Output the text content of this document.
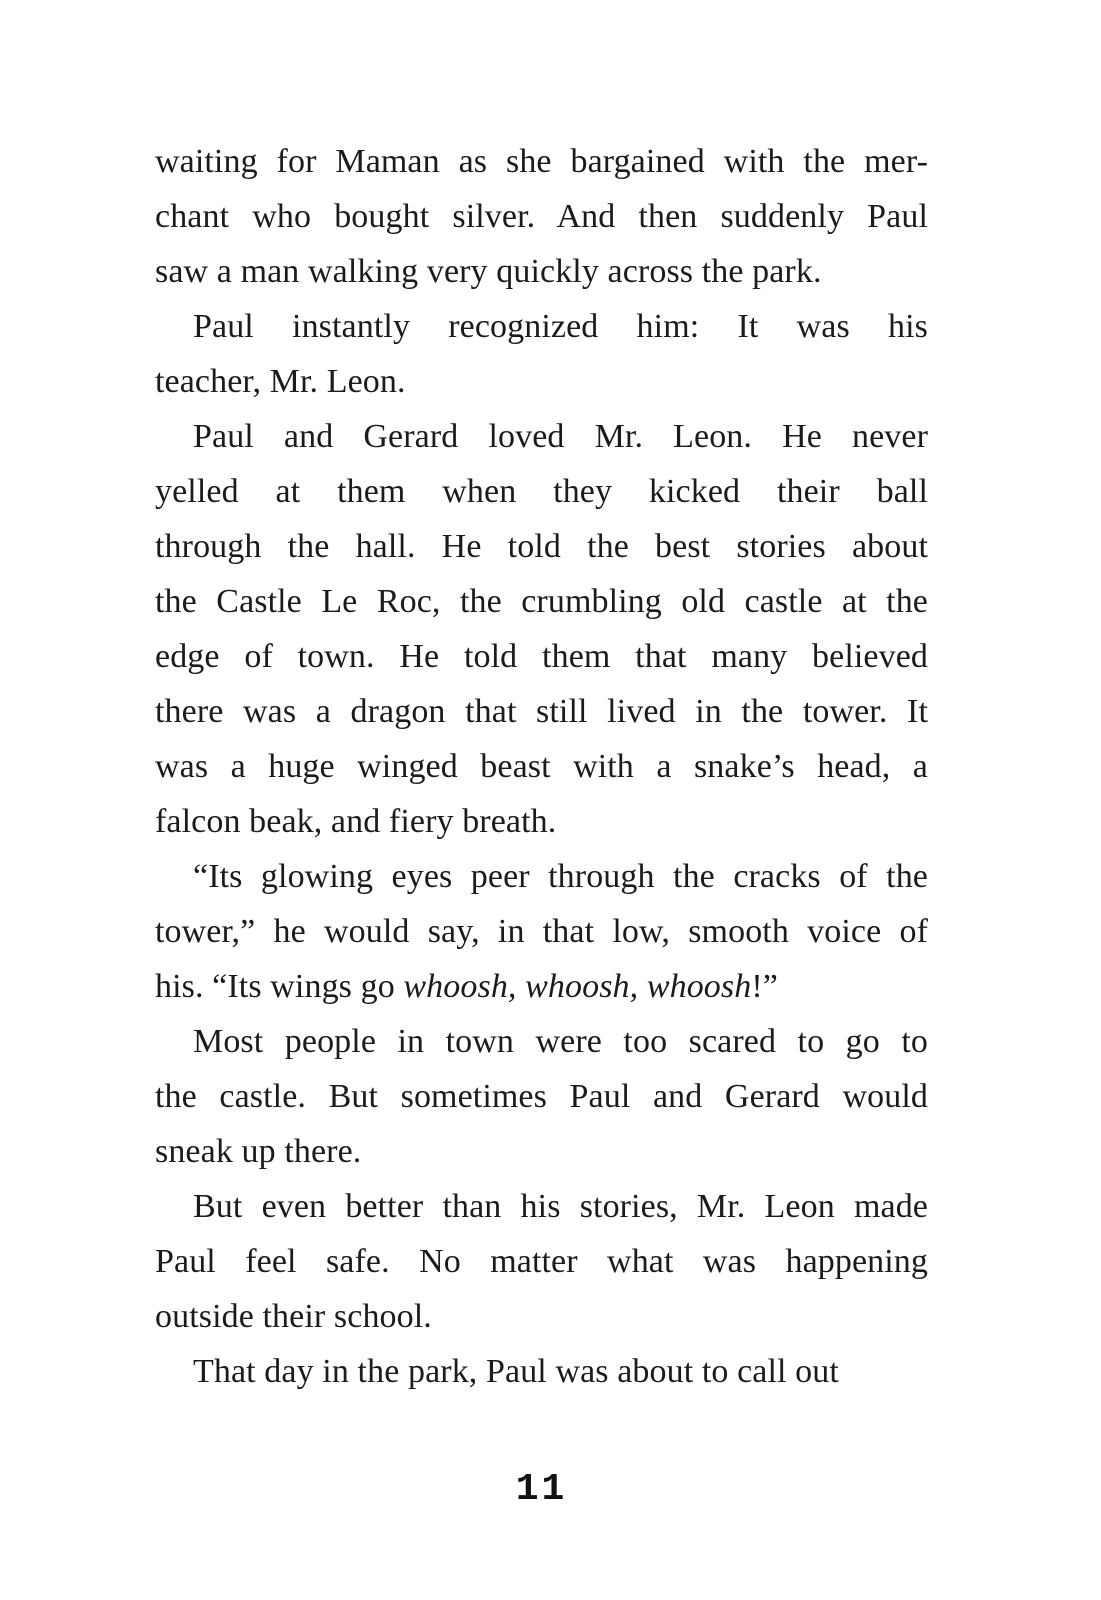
waiting for Maman as she bargained with the mer-
chant who bought silver. And then suddenly Paul
saw a man walking very quickly across the park.
Paul instantly recognized him: It was his
teacher, Mr. Leon.
Paul and Gerard loved Mr. Leon. He never
yelled at them when they kicked their ball
through the hall. He told the best stories about
the Castle Le Roc, the crumbling old castle at the
edge of town. He told them that many believed
there was a dragon that still lived in the tower. It
was a huge winged beast with a snake’s head, a
falcon beak, and fiery breath.
“Its glowing eyes peer through the cracks of the
tower,” he would say, in that low, smooth voice of
his. “Its wings go whoosh, whoosh, whoosh!”
Most people in town were too scared to go to
the castle. But sometimes Paul and Gerard would
sneak up there.
But even better than his stories, Mr. Leon made
Paul feel safe. No matter what was happening
outside their school.
That day in the park, Paul was about to call out
11
